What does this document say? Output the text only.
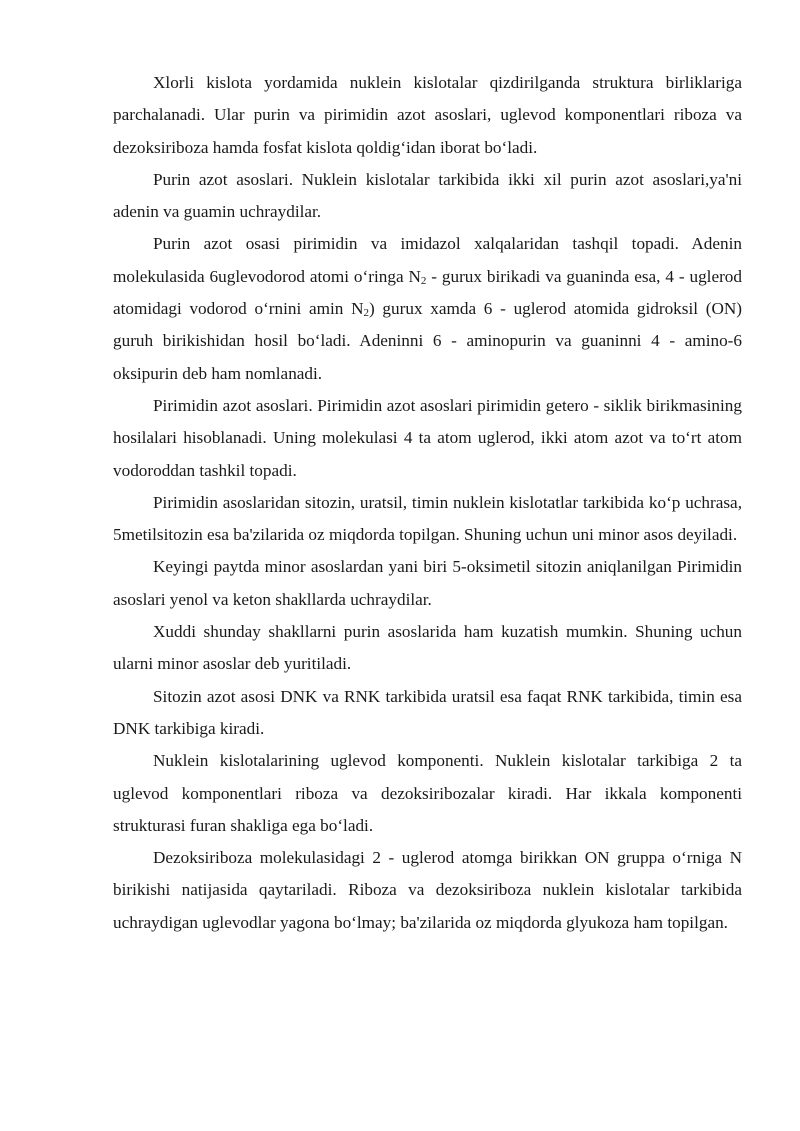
Xlorli kislota yordamida nuklein kislotalar qizdirilganda struktura birliklariga parchalanadi. Ular purin va pirimidin azot asoslari, uglevod komponentlari riboza va dezoksiriboza hamda fosfat kislota qoldig‘idan iborat bo‘ladi.

Purin azot asoslari. Nuklein kislotalar tarkibida ikki xil purin azot asoslari,ya'ni adenin va guamin uchraydilar.

Purin azot osasi pirimidin va imidazol xalqalaridan tashqil topadi. Adenin molekulasida 6uglevodorod atomi o‘ringa $N_2$ - gurux birikadi va guaninda esa, 4 - uglerod atomidagi vodorod o‘rnini amin $N_2$) gurux xamda 6 - uglerod atomida gidroksil (ON) guruh birikishidan hosil bo‘ladi. Adeninni 6 - aminopurin va guaninni 4 - amino-6 oksipurin deb ham nomlanadi.

Pirimidin azot asoslari. Pirimidin azot asoslari pirimidin getero - siklik birikmasining hosilalari hisoblanadi. Uning molekulasi 4 ta atom uglerod, ikki atom azot va to‘rt atom vodoroddan tashkil topadi.

Pirimidin asoslaridan sitozin, uratsil, timin nuklein kislotatlar tarkibida ko‘p uchrasa, 5metilsitozin esa ba'zilarida oz miqdorda topilgan. Shuning uchun uni minor asos deyiladi.

Keyingi paytda minor asoslardan yani biri 5-oksimetil sitozin aniqlanilgan Pirimidin asoslari yenol va keton shakllarda uchraydilar.

Xuddi shunday shakllarni purin asoslarida ham kuzatish mumkin. Shuning uchun ularni minor asoslar deb yuritiladi.

Sitozin azot asosi DNK va RNK tarkibida uratsil esa faqat RNK tarkibida, timin esa DNK tarkibiga kiradi.

Nuklein kislotalarining uglevod komponenti. Nuklein kislotalar tarkibiga 2 ta uglevod komponentlari riboza va dezoksiribozalar kiradi. Har ikkala komponenti strukturasi furan shakliga ega bo‘ladi.

Dezoksiriboza molekulasidagi 2 - uglerod atomga birikkan ON gruppa o‘rniga N birikishi natijasida qaytariladi. Riboza va dezoksiriboza nuklein kislotalar tarkibida uchraydigan uglevodlar yagona bo‘lmay; ba'zilarida oz miqdorda glyukoza ham topilgan.
